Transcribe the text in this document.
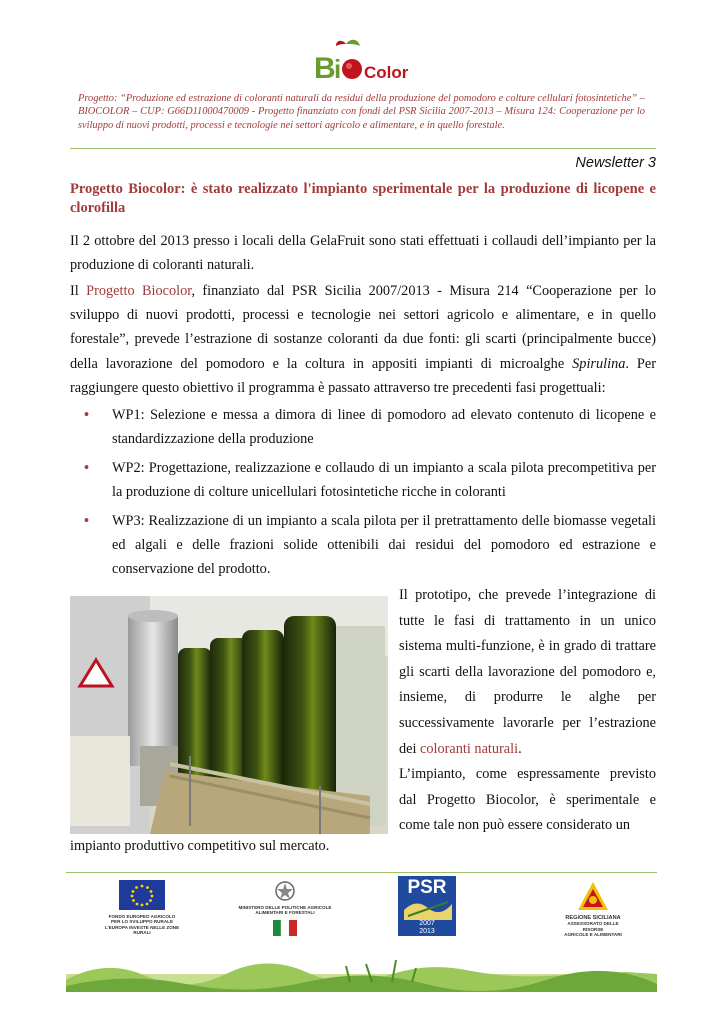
B
i Color
Progetto: “Produzione ed estrazione di coloranti naturali da residui della produzione del pomodoro e colture cellulari fotosintetiche” – BIOCOLOR – CUP: G66D11000470009 - Progetto finanziato con fondi del PSR Sicilia 2007-2013 – Misura 124: Cooperazione per lo sviluppo di nuovi prodotti, processi e tecnologie nei settori agricolo e alimentare, e in quello forestale.
Newsletter 3
Progetto Biocolor: è stato realizzato l'impianto sperimentale per la produzione di licopene e clorofilla

Il 2 ottobre del 2013 presso i locali della GelaFruit sono stati effettuati i collaudi dell’impianto per la produzione di coloranti naturali.

Il Progetto Biocolor, finanziato dal PSR Sicilia 2007/2013 - Misura 214 “Cooperazione per lo sviluppo di nuovi prodotti, processi e tecnologie nei settori agricolo e alimentare, e in quello forestale”, prevede l’estrazione di sostanze coloranti da due fonti: gli scarti (principalmente bucce) della lavorazione del pomodoro e la coltura in appositi impianti di microalghe Spirulina. Per raggiungere questo obiettivo il programma è passato attraverso tre precedenti fasi progettuali:

• WP1: Selezione e messa a dimora di linee di pomodoro ad elevato contenuto di licopene e standardizzazione della produzione
• WP2: Progettazione, realizzazione e collaudo di un impianto a scala pilota precompetitiva per la produzione di colture unicellulari fotosintetiche ricche in coloranti
• WP3: Realizzazione di un impianto a scala pilota per il pretrattamento delle biomasse vegetali ed algali e delle frazioni solide ottenibili dai residui del pomodoro ed estrazione e conservazione del prodotto.
Il prototipo, che prevede l’integrazione di tutte le fasi di trattamento in un unico sistema multi-funzione, è in grado di trattare gli scarti della lavorazione del pomodoro e, insieme, di produrre le alghe per successivamente lavorarle per l’estrazione dei coloranti naturali.
L’impianto, come espressamente previsto dal Progetto Biocolor, è sperimentale e come tale non può essere considerato un
impianto produttivo competitivo sul mercato.
FONDO EUROPEO AGRICOLO
PER LO SVILUPPO RURALE
L'EUROPA INVESTE NELLE ZONE RURALI
MINISTERO DELLE POLITICHE AGRICOLE
ALIMENTARI E FORESTALI
PSR
2007
2013
REGIONE SICILIANA
ASSESSORATO DELLE RISORSE
AGRICOLE E ALIMENTARI
